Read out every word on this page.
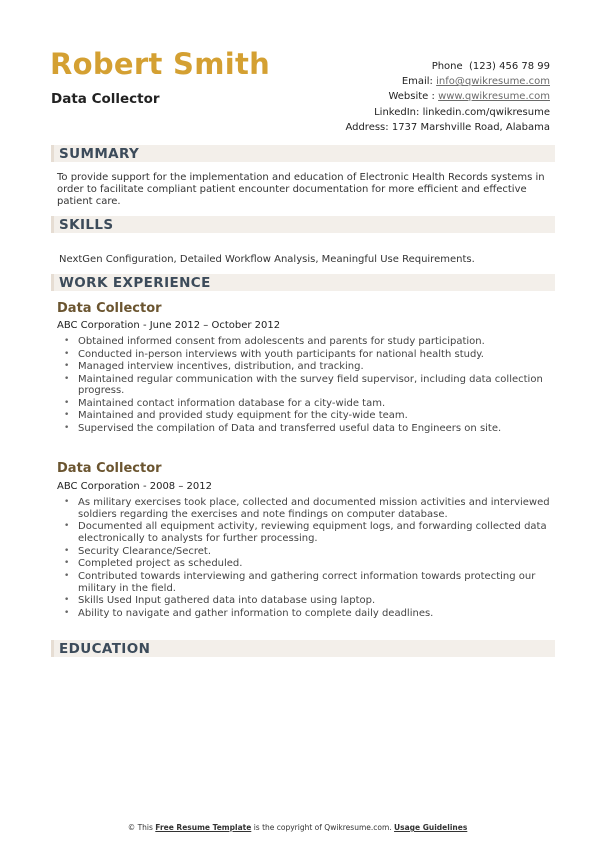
Robert Smith
Data Collector
Phone (123) 456 78 99
Email: info@qwikresume.com
Website : www.qwikresume.com
LinkedIn: linkedin.com/qwikresume
Address: 1737 Marshville Road, Alabama
SUMMARY
To provide support for the implementation and education of Electronic Health Records systems in order to facilitate compliant patient encounter documentation for more efficient and effective patient care.
SKILLS
NextGen Configuration, Detailed Workflow Analysis, Meaningful Use Requirements.
WORK EXPERIENCE
Data Collector
ABC Corporation - June 2012 – October 2012
• Obtained informed consent from adolescents and parents for study participation.
• Conducted in-person interviews with youth participants for national health study.
• Managed interview incentives, distribution, and tracking.
• Maintained regular communication with the survey field supervisor, including data collection progress.
• Maintained contact information database for a city-wide tam.
• Maintained and provided study equipment for the city-wide team.
• Supervised the compilation of Data and transferred useful data to Engineers on site.
Data Collector
ABC Corporation - 2008 – 2012
• As military exercises took place, collected and documented mission activities and interviewed soldiers regarding the exercises and note findings on computer database.
• Documented all equipment activity, reviewing equipment logs, and forwarding collected data electronically to analysts for further processing.
• Security Clearance/Secret.
• Completed project as scheduled.
• Contributed towards interviewing and gathering correct information towards protecting our military in the field.
• Skills Used Input gathered data into database using laptop.
• Ability to navigate and gather information to complete daily deadlines.
EDUCATION
© This Free Resume Template is the copyright of Qwikresume.com. Usage Guidelines
